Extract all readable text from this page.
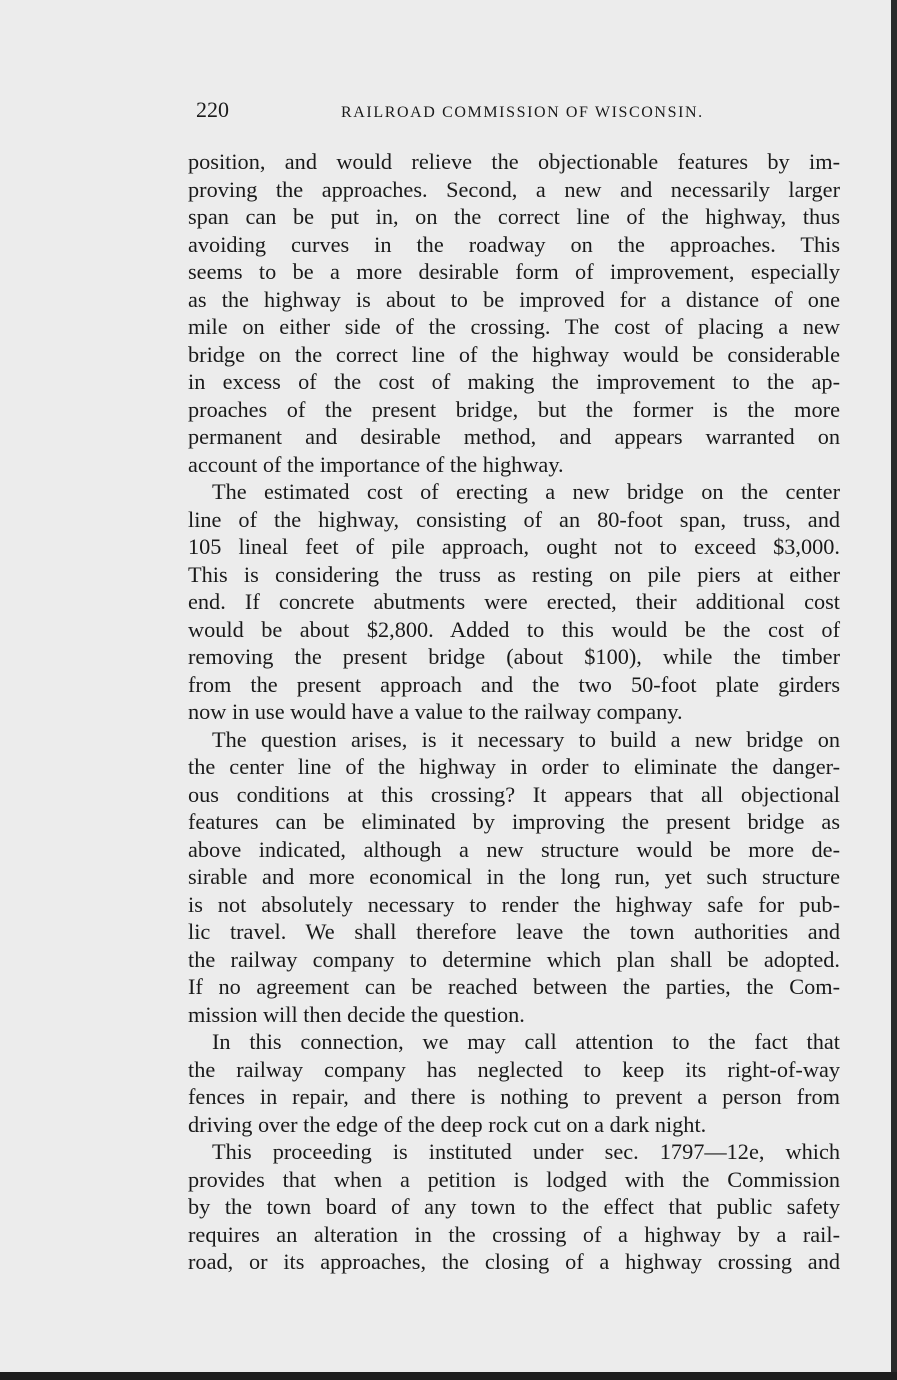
220	RAILROAD COMMISSION OF WISCONSIN.

position, and would relieve the objectionable features by im-
proving the approaches. Second, a new and necessarily larger
span can be put in, on the correct line of the highway, thus
avoiding curves in the roadway on the approaches. This
seems to be a more desirable form of improvement, especially
as the highway is about to be improved for a distance of one
mile on either side of the crossing. The cost of placing a new
bridge on the correct line of the highway would be considerable
in excess of the cost of making the improvement to the ap-
proaches of the present bridge, but the former is the more
permanent and desirable method, and appears warranted on
account of the importance of the highway.

The estimated cost of erecting a new bridge on the center
line of the highway, consisting of an 80-foot span, truss, and
105 lineal feet of pile approach, ought not to exceed $3,000.
This is considering the truss as resting on pile piers at either
end. If concrete abutments were erected, their additional cost
would be about $2,800. Added to this would be the cost of
removing the present bridge (about $100), while the timber
from the present approach and the two 50-foot plate girders
now in use would have a value to the railway company.

The question arises, is it necessary to build a new bridge on
the center line of the highway in order to eliminate the danger-
ous conditions at this crossing? It appears that all objectional
features can be eliminated by improving the present bridge as
above indicated, although a new structure would be more de-
sirable and more economical in the long run, yet such structure
is not absolutely necessary to render the highway safe for pub-
lic travel. We shall therefore leave the town authorities and
the railway company to determine which plan shall be adopted.
If no agreement can be reached between the parties, the Com-
mission will then decide the question.

In this connection, we may call attention to the fact that
the railway company has neglected to keep its right-of-way
fences in repair, and there is nothing to prevent a person from
driving over the edge of the deep rock cut on a dark night.

This proceeding is instituted under sec. 1797—12e, which
provides that when a petition is lodged with the Commission
by the town board of any town to the effect that public safety
requires an alteration in the crossing of a highway by a rail-
road, or its approaches, the closing of a highway crossing and
